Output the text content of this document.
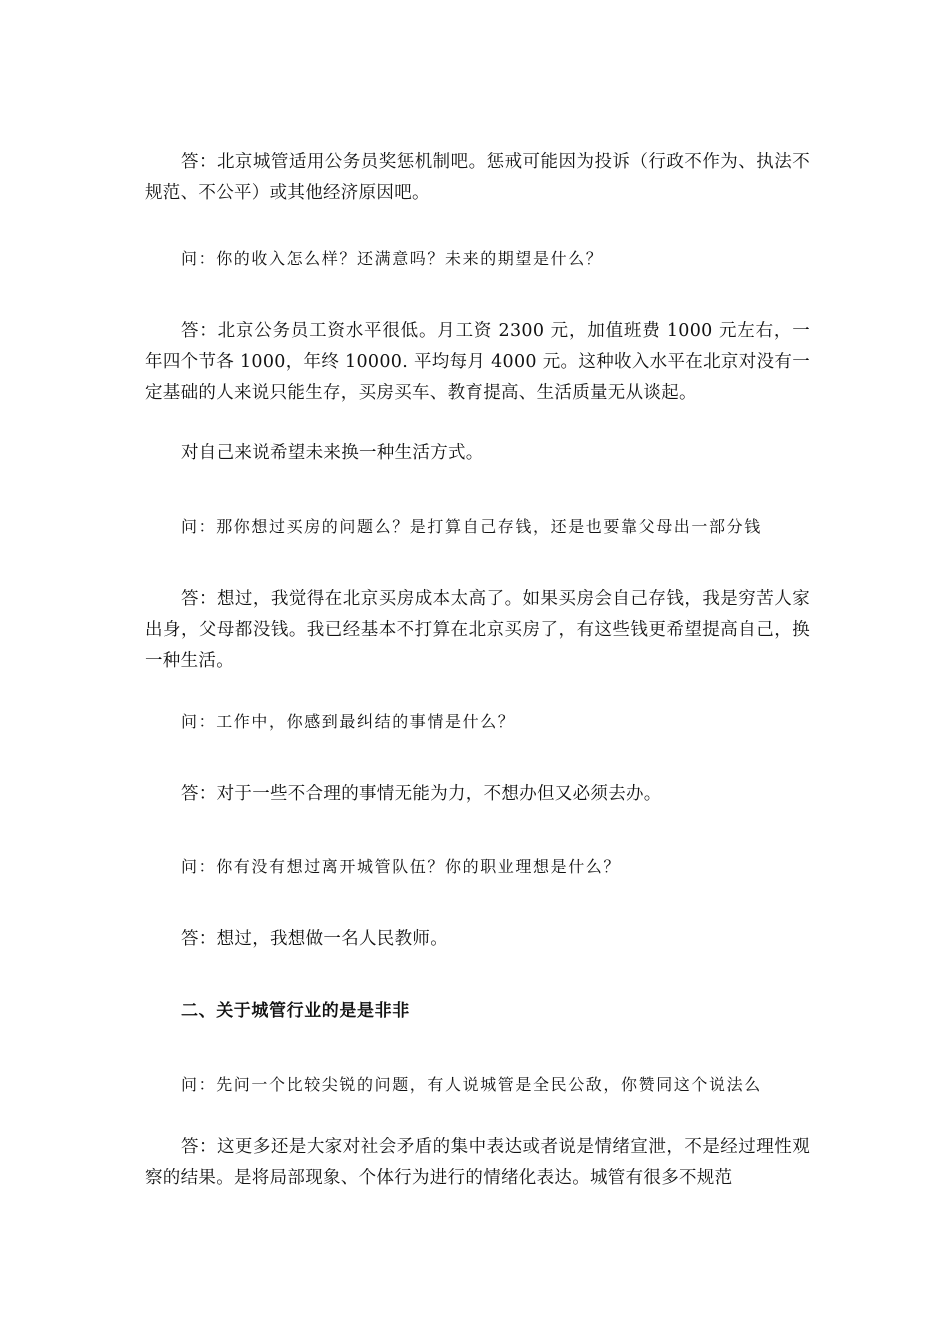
答：北京城管适用公务员奖惩机制吧。惩戒可能因为投诉（行政不作为、执法不规范、不公平）或其他经济原因吧。

问：你的收入怎么样？还满意吗？未来的期望是什么？

答：北京公务员工资水平很低。月工资 2300 元，加值班费 1000 元左右，一年四个节各 1000，年终 10000. 平均每月 4000 元。这种收入水平在北京对没有一定基础的人来说只能生存，买房买车、教育提高、生活质量无从谈起。

对自己来说希望未来换一种生活方式。

问：那你想过买房的问题么？是打算自己存钱，还是也要靠父母出一部分钱

答：想过，我觉得在北京买房成本太高了。如果买房会自己存钱，我是穷苦人家出身，父母都没钱。我已经基本不打算在北京买房了，有这些钱更希望提高自己，换一种生活。

问：工作中，你感到最纠结的事情是什么？

答：对于一些不合理的事情无能为力，不想办但又必须去办。

问：你有没有想过离开城管队伍？你的职业理想是什么？

答：想过，我想做一名人民教师。

二、关于城管行业的是是非非

问：先问一个比较尖锐的问题，有人说城管是全民公敌，你赞同这个说法么

答：这更多还是大家对社会矛盾的集中表达或者说是情绪宣泄，不是经过理性观察的结果。是将局部现象、个体行为进行的情绪化表达。城管有很多不规范
